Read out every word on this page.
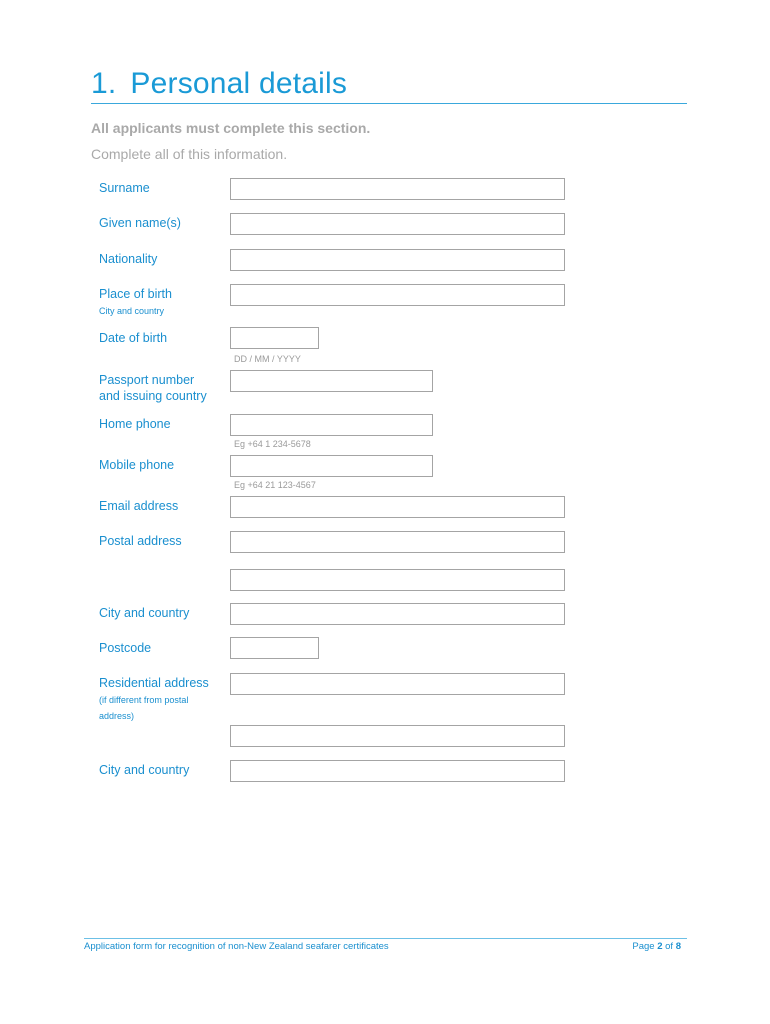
1. Personal details
All applicants must complete this section.
Complete all of this information.
Surname
Given name(s)
Nationality
Place of birth
City and country
Date of birth
DD / MM / YYYY
Passport number
and issuing country
Home phone
Eg +64 1 234-5678
Mobile phone
Eg +64 21 123-4567
Email address
Postal address
City and country
Postcode
Residential address
(if different from postal
address)
City and country
Application form for recognition of non-New Zealand seafarer certificates	Page 2 of 8
